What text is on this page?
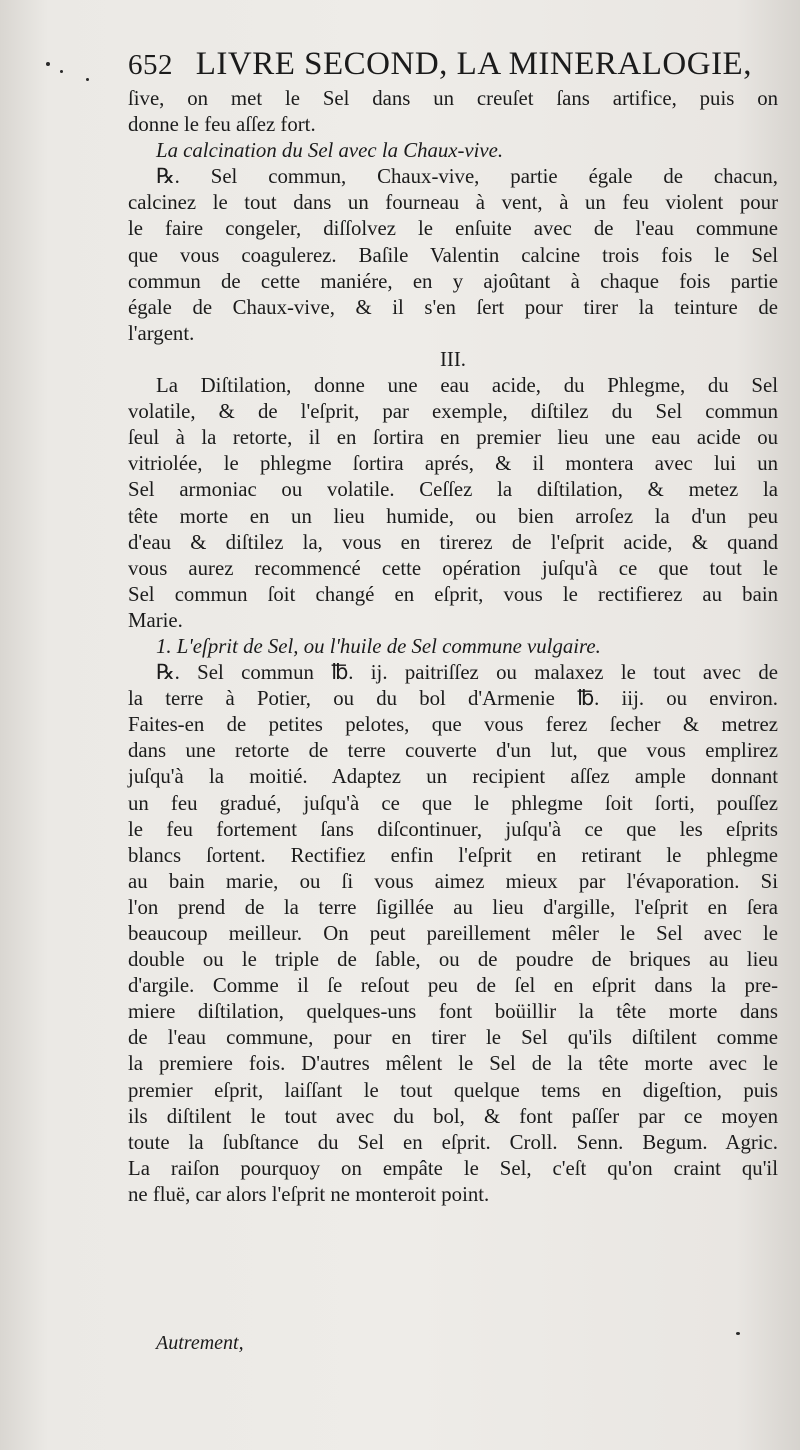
652 LIVRE SECOND, LA MINERALOGIE,
ſive, on met le Sel dans un creuſet ſans artifice, puis on
donne le feu aſſez fort.
La calcination du Sel avec la Chaux-vive.
℞. Sel commun, Chaux-vive, partie égale de chacun,
calcinez le tout dans un fourneau à vent, à un feu violent pour
le faire congeler, diſſolvez le enſuite avec de l'eau commune
que vous coagulerez. Baſile Valentin calcine trois fois le Sel
commun de cette maniére, en y ajoûtant à chaque fois partie
égale de Chaux-vive, & il s'en ſert pour tirer la teinture de
l'argent.
III.
La Diſtilation, donne une eau acide, du Phlegme, du Sel
volatile, & de l'eſprit, par exemple, diſtilez du Sel commun
ſeul à la retorte, il en ſortira en premier lieu une eau acide ou
vitriolée, le phlegme ſortira aprés, & il montera avec lui un
Sel armoniac ou volatile. Ceſſez la diſtilation, & metez la
tête morte en un lieu humide, ou bien arroſez la d'un peu
d'eau & diſtilez la, vous en tirerez de l'eſprit acide, & quand
vous aurez recommencé cette opération juſqu'à ce que tout le
Sel commun ſoit changé en eſprit, vous le rectifierez au bain
Marie.
1. L'eſprit de Sel, ou l'huile de Sel commune vulgaire.
℞. Sel commun ℔. ij. paitriſſez ou malaxez le tout avec de
la terre à Potier, ou du bol d'Armenie ℔. iij. ou environ.
Faites-en de petites pelotes, que vous ferez ſecher & metrez
dans une retorte de terre couverte d'un lut, que vous emplirez
juſqu'à la moitié. Adaptez un recipient aſſez ample donnant
un feu gradué, juſqu'à ce que le phlegme ſoit ſorti, pouſſez
le feu fortement ſans diſcontinuer, juſqu'à ce que les eſprits
blancs ſortent. Rectifiez enfin l'eſprit en retirant le phlegme
au bain marie, ou ſi vous aimez mieux par l'évaporation. Si
l'on prend de la terre ſigillée au lieu d'argille, l'eſprit en ſera
beaucoup meilleur. On peut pareillement mêler le Sel avec le
double ou le triple de ſable, ou de poudre de briques au lieu
d'argile. Comme il ſe reſout peu de ſel en eſprit dans la pre-
miere diſtilation, quelques-uns font boüillir la tête morte dans
de l'eau commune, pour en tirer le Sel qu'ils diſtilent comme
la premiere fois. D'autres mêlent le Sel de la tête morte avec le
premier eſprit, laiſſant le tout quelque tems en digeſtion, puis
ils diſtilent le tout avec du bol, & font paſſer par ce moyen
toute la ſubſtance du Sel en eſprit. Croll. Senn. Begum. Agric.
La raiſon pourquoy on empâte le Sel, c'eſt qu'on craint qu'il
ne fluë, car alors l'eſprit ne monteroit point.
Autrement,
